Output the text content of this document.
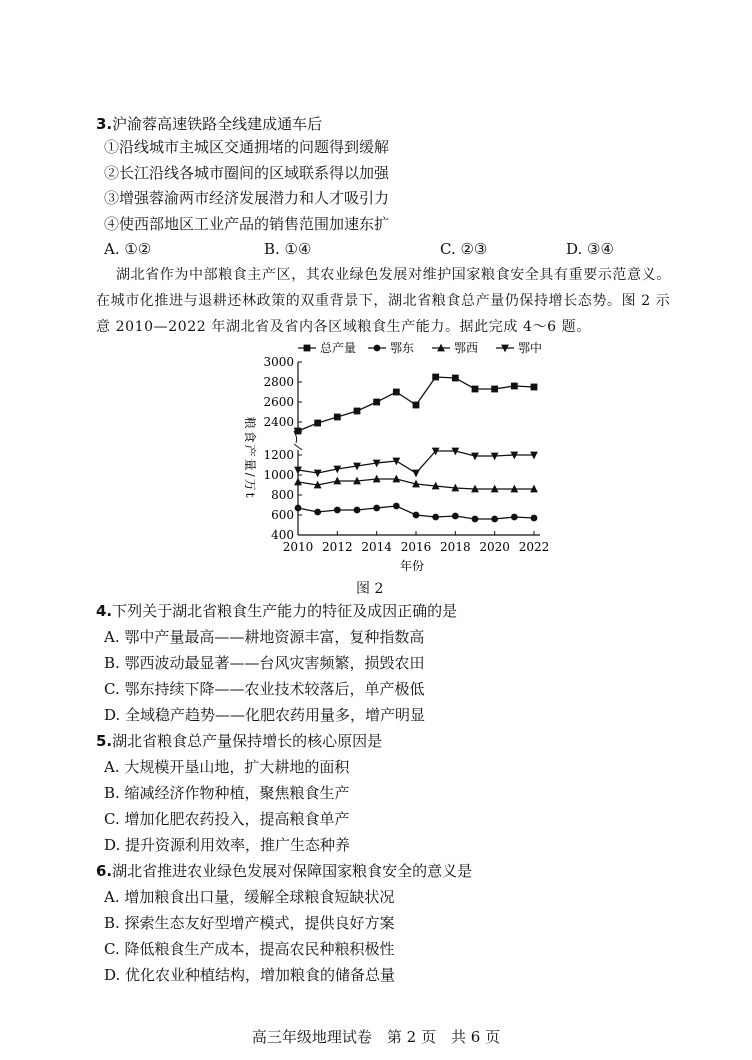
3.沪渝蓉高速铁路全线建成通车后
①沿线城市主城区交通拥堵的问题得到缓解
②长江沿线各城市圈间的区域联系得以加强
③增强蓉渝两市经济发展潜力和人才吸引力
④使西部地区工业产品的销售范围加速东扩
A. ①②	B. ①④	C. ②③	D. ③④
湖北省作为中部粮食主产区，其农业绿色发展对维护国家粮食安全具有重要示范意义。
在城市化推进与退耕还林政策的双重背景下，湖北省粮食总产量仍保持增长态势。图 2 示
意 2010—2022 年湖北省及省内各区域粮食生产能力。据此完成 4～6 题。
总产量	鄂东	鄂西	鄂中
2400
2600
2800
3000
400
600
800
1000
1200
2010 2012 2014 2016 2018 2020 2022
粮食产量/万t
年份
图 2
4.下列关于湖北省粮食生产能力的特征及成因正确的是
A. 鄂中产量最高——耕地资源丰富，复种指数高
B. 鄂西波动最显著——台风灾害频繁，损毁农田
C. 鄂东持续下降——农业技术较落后，单产极低
D. 全域稳产趋势——化肥农药用量多，增产明显
5.湖北省粮食总产量保持增长的核心原因是
A. 大规模开垦山地，扩大耕地的面积
B. 缩减经济作物种植，聚焦粮食生产
C. 增加化肥农药投入，提高粮食单产
D. 提升资源利用效率，推广生态种养
6.湖北省推进农业绿色发展对保障国家粮食安全的意义是
A. 增加粮食出口量，缓解全球粮食短缺状况
B. 探索生态友好型增产模式，提供良好方案
C. 降低粮食生产成本，提高农民种粮积极性
D. 优化农业种植结构，增加粮食的储备总量
高三年级地理试卷　第 2 页　共 6 页
